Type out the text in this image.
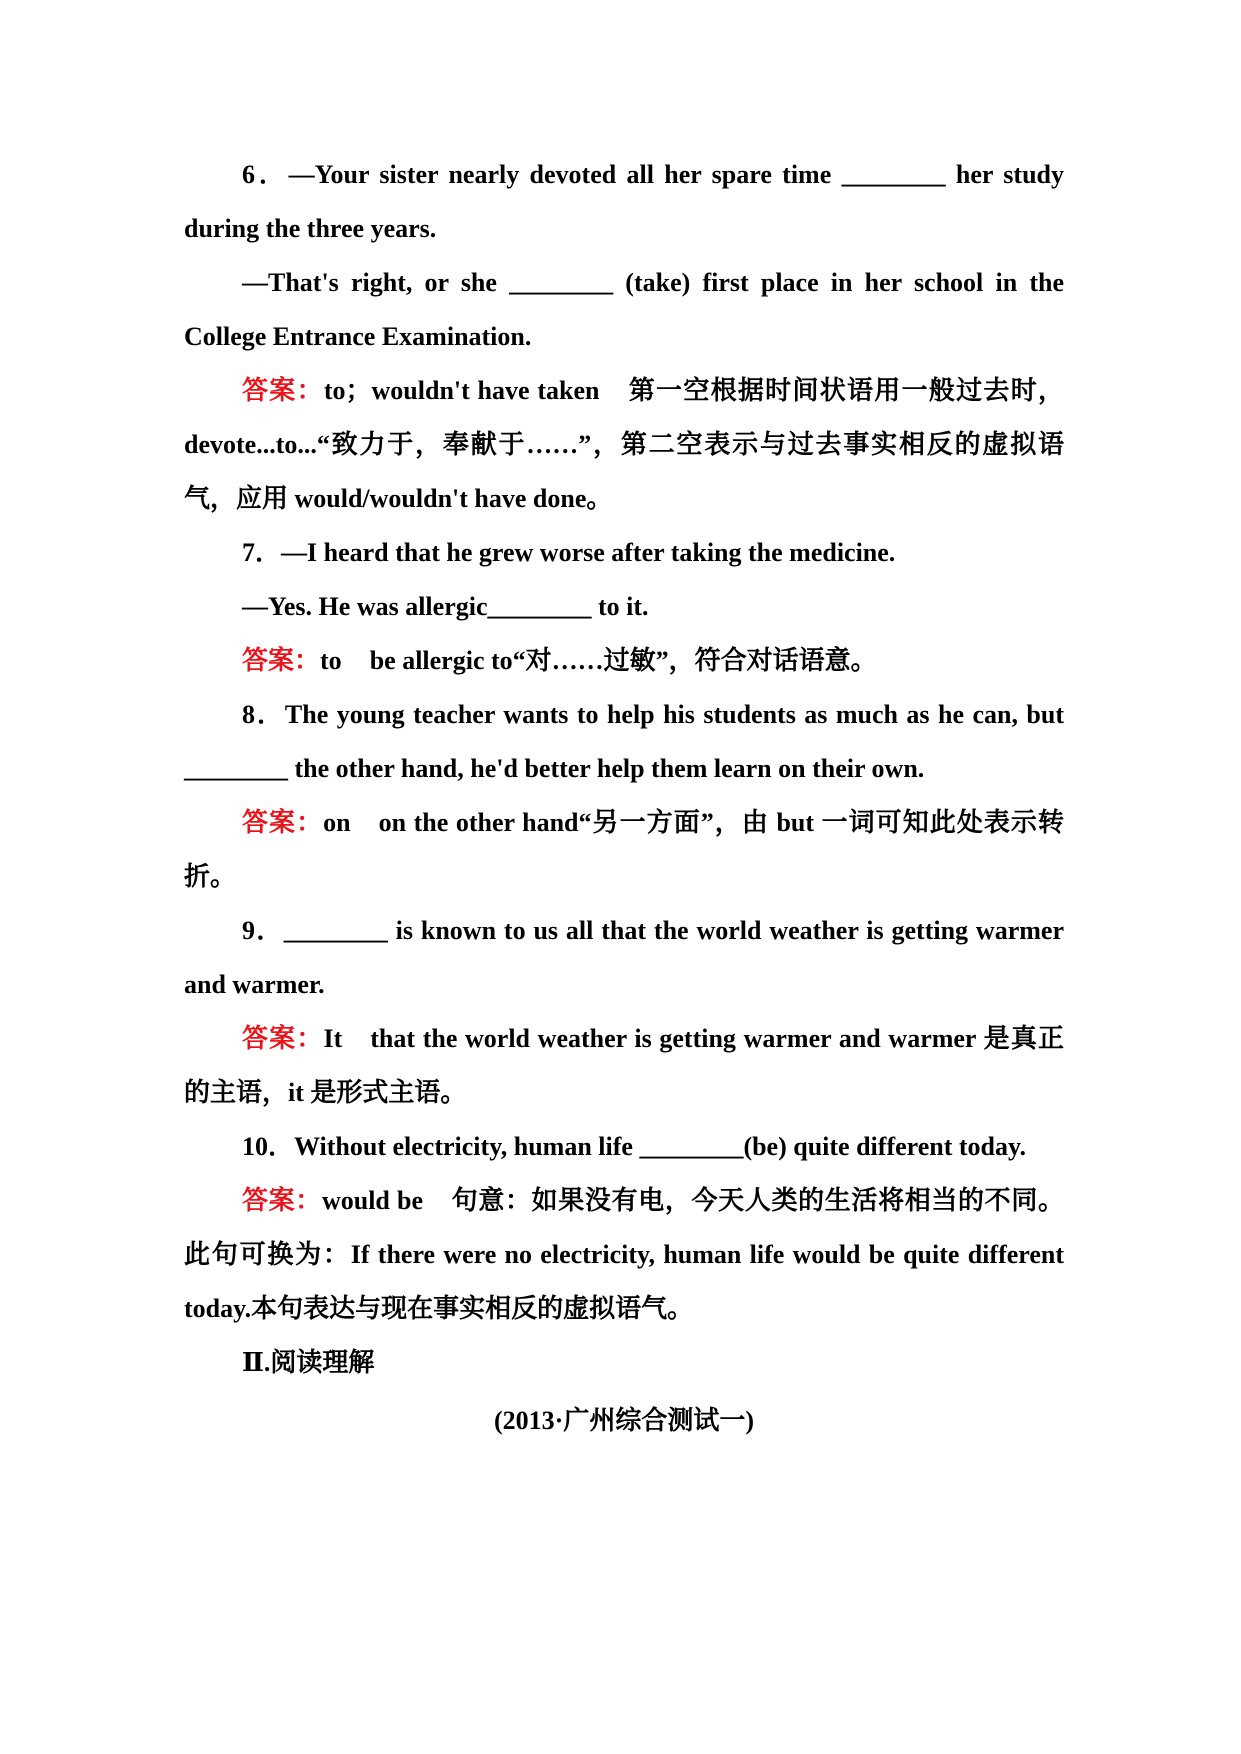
6．—Your sister nearly devoted all her spare time ________ her study during the three years.

—That's right, or she ________ (take) first place in her school in the College Entrance Examination.

答案：to；wouldn't have taken 第一空根据时间状语用一般过去时，devote...to...“致力于，奉献于……”，第二空表示与过去事实相反的虚拟语气，应用 would/wouldn't have done。

7．—I heard that he grew worse after taking the medicine.

—Yes. He was allergic________ to it.

答案：to be allergic to“对……过敏”，符合对话语意。

8．The young teacher wants to help his students as much as he can, but ________ the other hand, he'd better help them learn on their own.

答案：on on the other hand“另一方面”，由 but 一词可知此处表示转折。

9．________ is known to us all that the world weather is getting warmer and warmer.

答案：It that the world weather is getting warmer and warmer 是真正的主语，it 是形式主语。

10．Without electricity, human life ________(be) quite different today.

答案：would be 句意：如果没有电，今天人类的生活将相当的不同。此句可换为：If there were no electricity, human life would be quite different today.本句表达与现在事实相反的虚拟语气。

Ⅱ.阅读理解

(2013·广州综合测试一)
